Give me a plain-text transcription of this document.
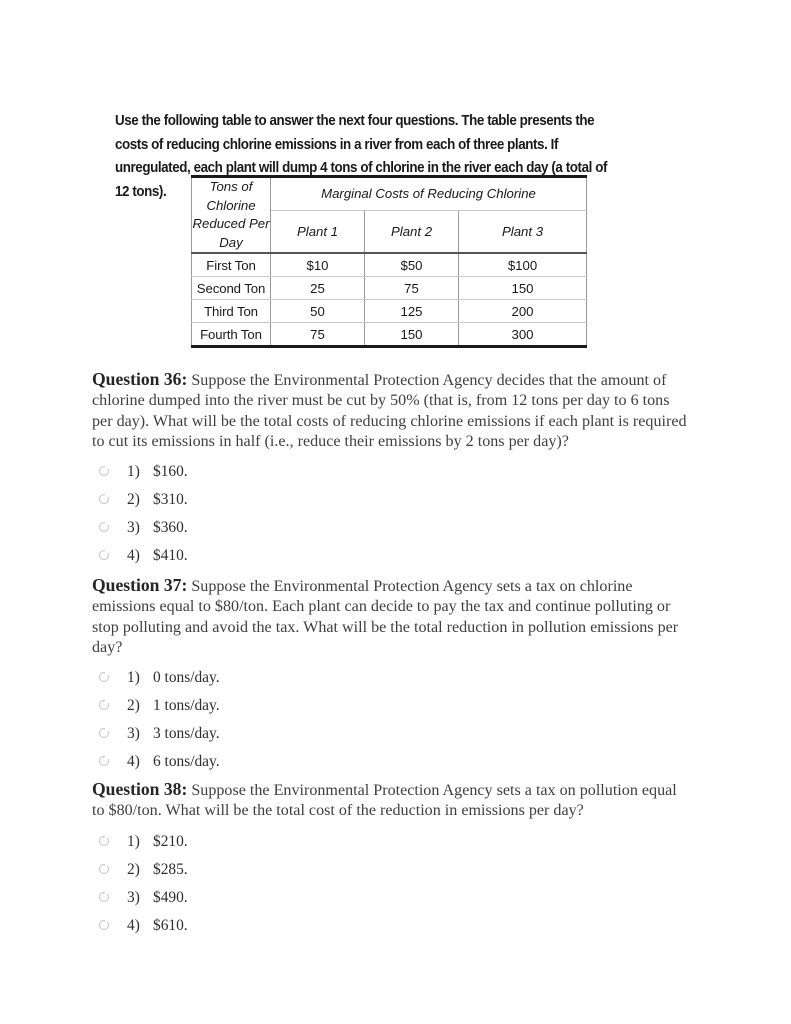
Use the following table to answer the next four questions. The table presents the costs of reducing chlorine emissions in a river from each of three plants. If unregulated, each plant will dump 4 tons of chlorine in the river each day (a total of 12 tons).	Tons of Chlorine Reduced Per Day	Marginal Costs of Reducing Chlorine		
	Plant 1	Plant 2	Plant 3
First Ton	$10	$50	$100
Second Ton	25	75	150
Third Ton	50	125	200
Fourth Ton	75	150	300
Question 36: Suppose the Environmental Protection Agency decides that the amount of chlorine dumped into the river must be cut by 50% (that is, from 12 tons per day to 6 tons per day). What will be the total costs of reducing chlorine emissions if each plant is required to cut its emissions in half (i.e., reduce their emissions by 2 tons per day)?
1) $160.
2) $310.
3) $360.
4) $410.
Question 37: Suppose the Environmental Protection Agency sets a tax on chlorine emissions equal to $80/ton. Each plant can decide to pay the tax and continue polluting or stop polluting and avoid the tax. What will be the total reduction in pollution emissions per day?
1) 0 tons/day.
2) 1 tons/day.
3) 3 tons/day.
4) 6 tons/day.
Question 38: Suppose the Environmental Protection Agency sets a tax on pollution equal to $80/ton. What will be the total cost of the reduction in emissions per day?
1) $210.
2) $285.
3) $490.
4) $610.
